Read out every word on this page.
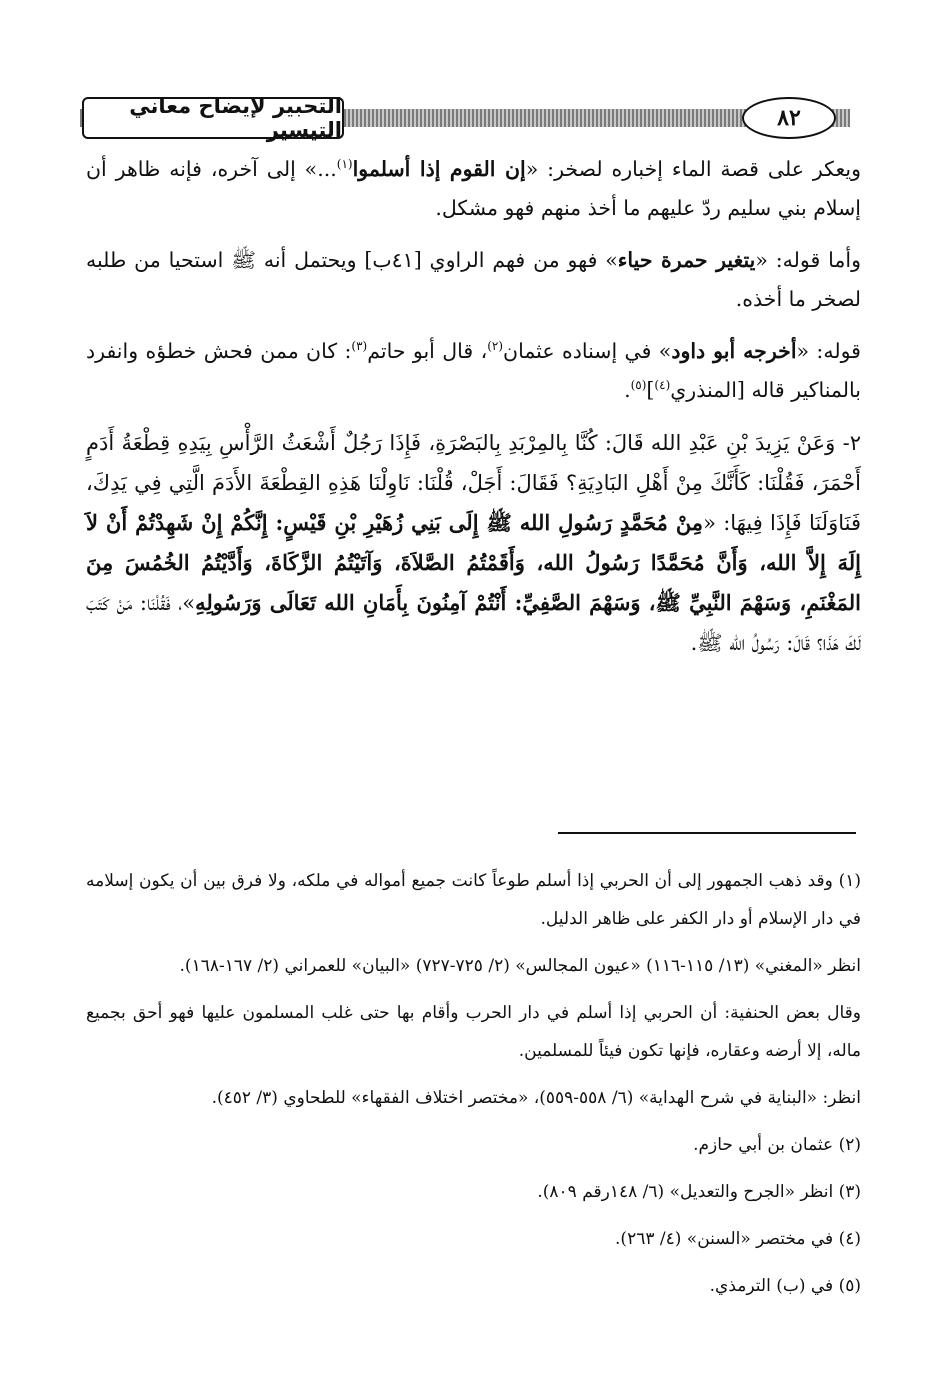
التحبير لإيضاح معاني التيسير	٨٢

ويعكر على قصة الماء إخباره لصخر: «إن القوم إذا أسلموا$^{(١)}$...» إلى آخره، فإنه ظاهر أن إسلام بني سليم ردّ عليهم ما أخذ منهم فهو مشكل.

وأما قوله: «يتغير حمرة حياء» فهو من فهم الراوي [٤١ب] ويحتمل أنه ﷺ استحيا من طلبه لصخر ما أخذه.

قوله: «أخرجه أبو داود» في إسناده عثمان$^{(٢)}$، قال أبو حاتم$^{(٣)}$: كان ممن فحش خطؤه وانفرد بالمناكير قاله [المنذري$^{(٤)}$]$^{(٥)}$.

٢- وَعَنْ يَزِيدَ بْنِ عَبْدِ الله قَالَ: كُنَّا بِالمِرْبَدِ بِالبَصْرَةِ، فَإِذَا رَجُلٌ أَشْعَثُ الرَّأْسِ بِيَدِهِ قِطْعَةُ أَدَمٍ أَحْمَرَ، فَقُلْنَا: كَأَنَّكَ مِنْ أَهْلِ البَادِيَةِ؟ فَقَالَ: أَجَلْ، قُلْنَا: نَاوِلْنَا هَذِهِ القِطْعَةَ الأَدَمَ الَّتِي فِي يَدِكَ، فَنَاوَلَنَا فَإِذَا فِيهَا: «مِنْ مُحَمَّدٍ رَسُولِ الله ﷺ إِلَى بَنِي زُهَيْرِ بْنِ قَيْسٍ: إِنَّكُمْ إِنْ شَهِدْتُمْ أَنْ لاَ إِلَهَ إِلاَّ الله، وَأَنَّ مُحَمَّدًا رَسُولُ الله، وَأَقَمْتُمُ الصَّلاَةَ، وَآتَيْتُمُ الزَّكَاةَ، وَأَدَّيْتُمُ الخُمُسَ مِنَ المَغْنَمِ، وَسَهْمَ النَّبِيِّ ﷺ، وَسَهْمَ الصَّفِيِّ: أَنْتُمْ آمِنُونَ بِأَمَانِ الله تَعَالَى وَرَسُولِهِ»، فَقُلْنَا: مَنْ كَتَبَ لَكَ هَذَا؟ قَالَ: رَسُولُ الله ﷺ.

(١) وقد ذهب الجمهور إلى أن الحربي إذا أسلم طوعاً كانت جميع أمواله في ملكه، ولا فرق بين أن يكون إسلامه في دار الإسلام أو دار الكفر على ظاهر الدليل.

انظر «المغني» (١٣/ ١١٥-١١٦) «عيون المجالس» (٢/ ٧٢٥-٧٢٧) «البيان» للعمراني (٢/ ١٦٧-١٦٨).

وقال بعض الحنفية: أن الحربي إذا أسلم في دار الحرب وأقام بها حتى غلب المسلمون عليها فهو أحق بجميع ماله، إلا أرضه وعقاره، فإنها تكون فيئاً للمسلمين.

انظر: «البناية في شرح الهداية» (٦/ ٥٥٨-٥٥٩)، «مختصر اختلاف الفقهاء» للطحاوي (٣/ ٤٥٢).

(٢) عثمان بن أبي حازم.

(٣) انظر «الجرح والتعديل» (٦/ ١٤٨رقم ٨٠٩).

(٤) في مختصر «السنن» (٤/ ٢٦٣).

(٥) في (ب) الترمذي.
